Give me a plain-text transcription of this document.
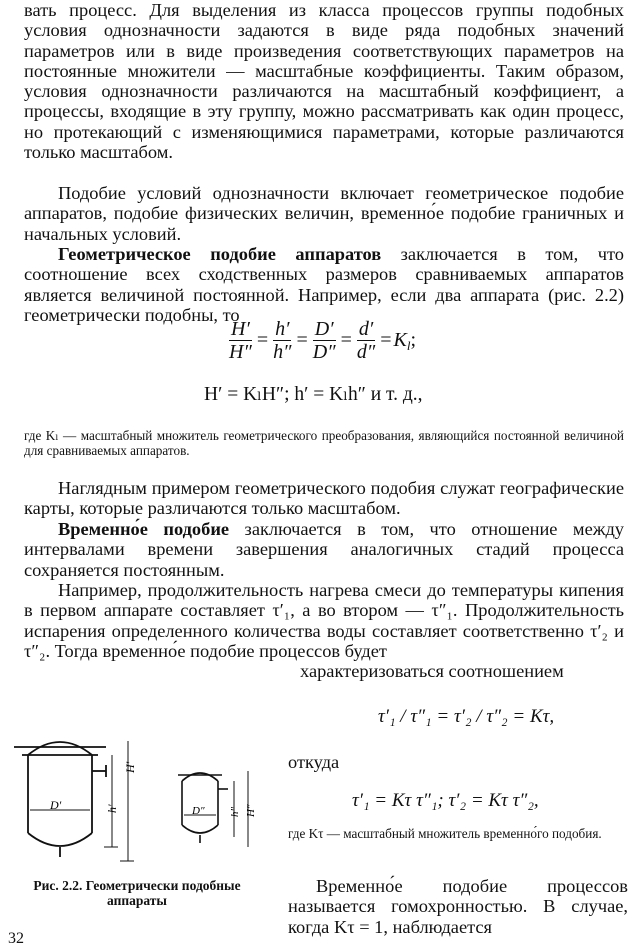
вать процесс. Для выделения из класса процессов группы подобных условия однозначности задаются в виде ряда подобных значений параметров или в виде произведения соответствующих параметров на постоянные множители — масштабные коэффициенты. Таким образом, условия однозначности различаются на масштабный коэффициент, а процессы, входящие в эту группу, можно рассматривать как один процесс, но протекающий с изменяющимися параметрами, которые различаются только масштабом.

Подобие условий однозначности включает геометрическое подобие аппаратов, подобие физических величин, временно́е подобие граничных и начальных условий.

Геометрическое подобие аппаратов заключается в том, что соотношение всех сходственных размеров сравниваемых аппаратов является величиной постоянной. Например, если два аппарата (рис. 2.2) геометрически подобны, то

$\frac{H'}{H''} = \frac{h'}{h''} = \frac{D'}{D''} = \frac{d'}{d''} = K_l$;
H′ = KₗH″; h′ = Kₗh″ и т. д.,

где Kₗ — масштабный множитель геометрического преобразования, являющийся постоянной величиной для сравниваемых аппаратов.

Наглядным примером геометрического подобия служат географические карты, которые различаются только масштабом.

Временно́е подобие заключается в том, что отношение между интервалами времени завершения аналогичных стадий процесса сохраняется постоянным.

Например, продолжительность нагрева смеси до температуры кипения в первом аппарате составляет τ′₁, а во втором — τ″₁. Продолжительность испарения определенного количества воды составляет соответственно τ′₂ и τ″₂. Тогда временно́е подобие процессов будет

характеризоваться соотношением

τ′₁ / τ″₁ = τ′₂ / τ″₂ = Kτ,

откуда

τ′₁ = Kτ τ″₁; τ′₂ = Kτ τ″₂,

где Kτ — масштабный множитель временно́го подобия.

Временно́е подобие процессов называется гомохронностью. В случае, когда Kτ = 1, наблюдается

D′	h′
H′
D″ h″ H″
Рис. 2.2. Геометрически подобные аппараты
32
